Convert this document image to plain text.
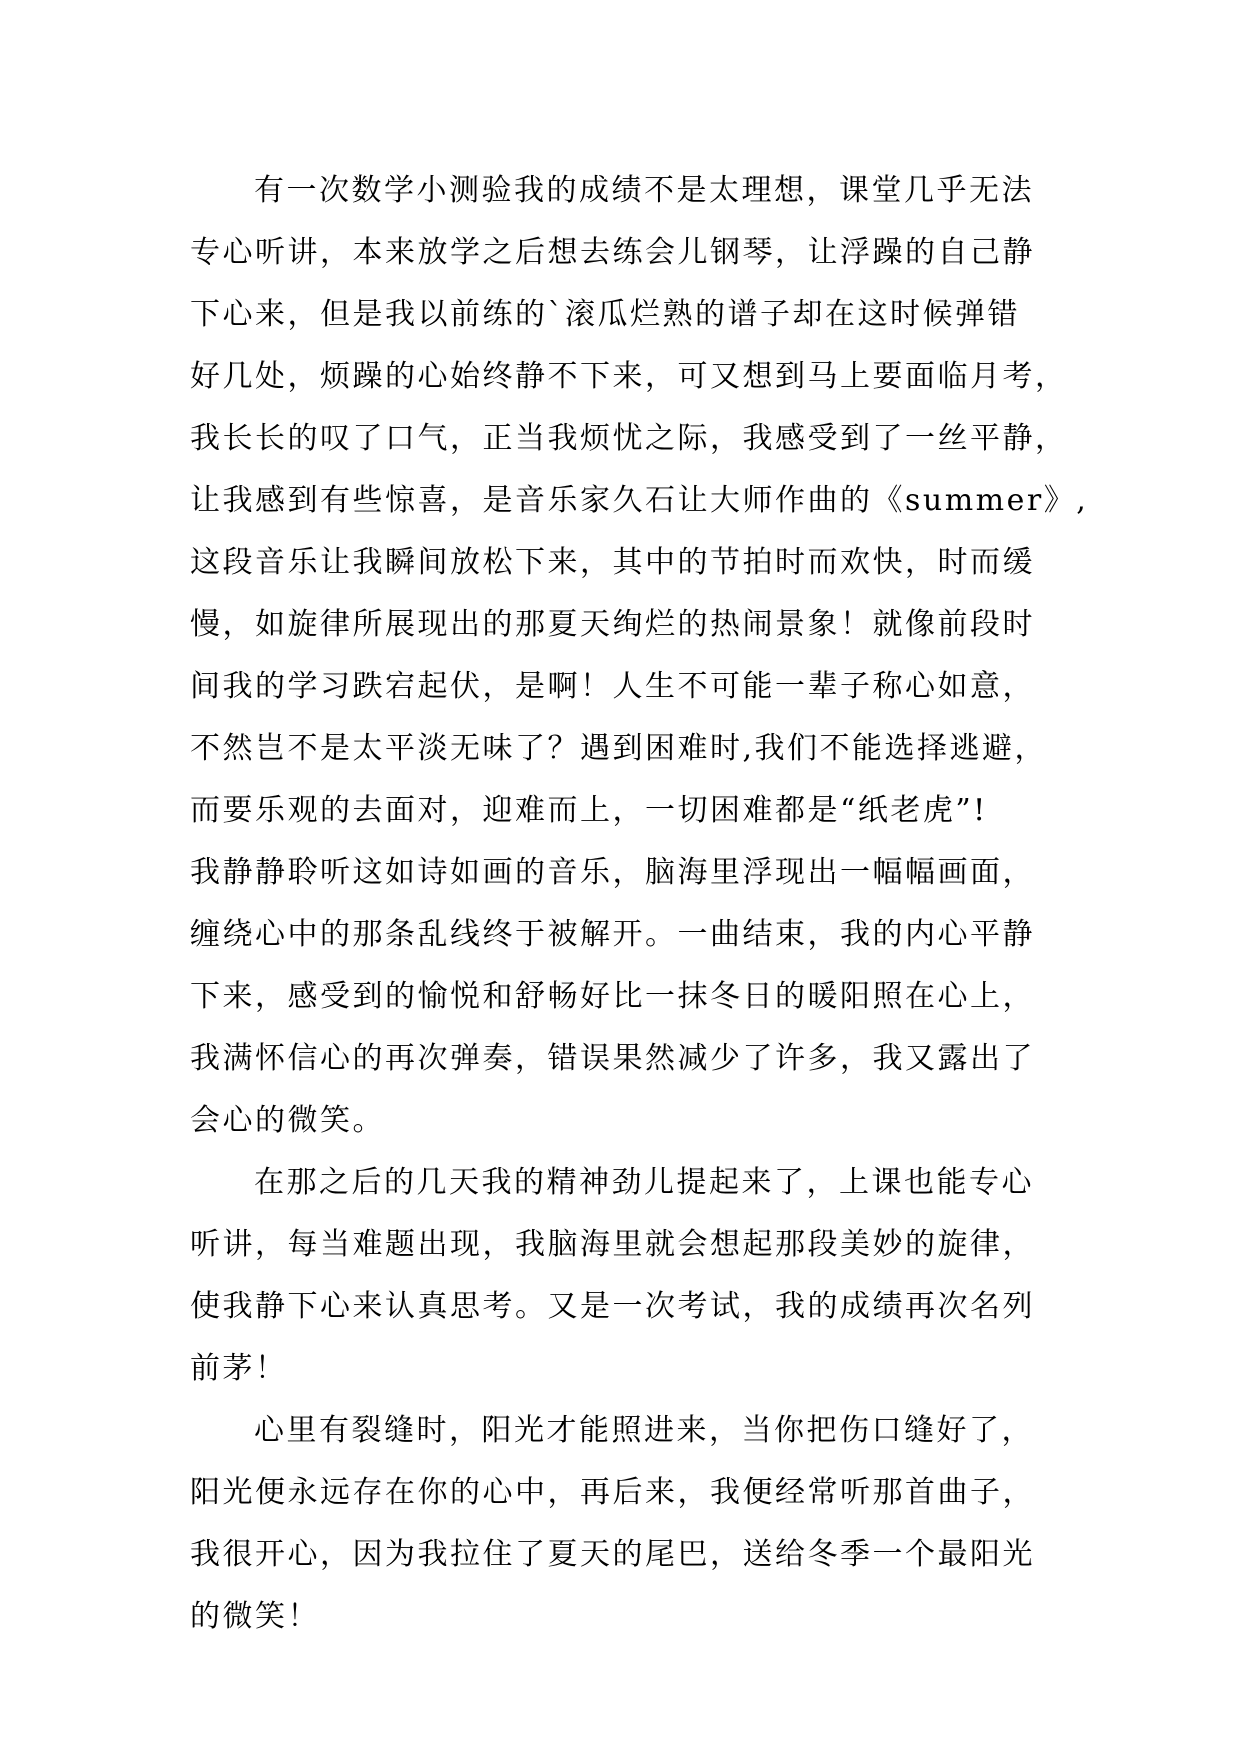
有一次数学小测验我的成绩不是太理想，课堂几乎无法
专心听讲，本来放学之后想去练会儿钢琴，让浮躁的自己静
下心来，但是我以前练的`滚瓜烂熟的谱子却在这时候弹错
好几处，烦躁的心始终静不下来，可又想到马上要面临月考，
我长长的叹了口气，正当我烦忧之际，我感受到了一丝平静，
让我感到有些惊喜，是音乐家久石让大师作曲的《summer》,
这段音乐让我瞬间放松下来，其中的节拍时而欢快，时而缓
慢，如旋律所展现出的那夏天绚烂的热闹景象！就像前段时
间我的学习跌宕起伏，是啊！人生不可能一辈子称心如意，
不然岂不是太平淡无味了？遇到困难时,我们不能选择逃避，
而要乐观的去面对，迎难而上，一切困难都是“纸老虎”!
我静静聆听这如诗如画的音乐，脑海里浮现出一幅幅画面，
缠绕心中的那条乱线终于被解开。一曲结束，我的内心平静
下来，感受到的愉悦和舒畅好比一抹冬日的暖阳照在心上，
我满怀信心的再次弹奏，错误果然减少了许多，我又露出了
会心的微笑。
在那之后的几天我的精神劲儿提起来了，上课也能专心
听讲，每当难题出现，我脑海里就会想起那段美妙的旋律，
使我静下心来认真思考。又是一次考试，我的成绩再次名列
前茅！
心里有裂缝时，阳光才能照进来，当你把伤口缝好了，
阳光便永远存在你的心中，再后来，我便经常听那首曲子，
我很开心，因为我拉住了夏天的尾巴，送给冬季一个最阳光
的微笑！
